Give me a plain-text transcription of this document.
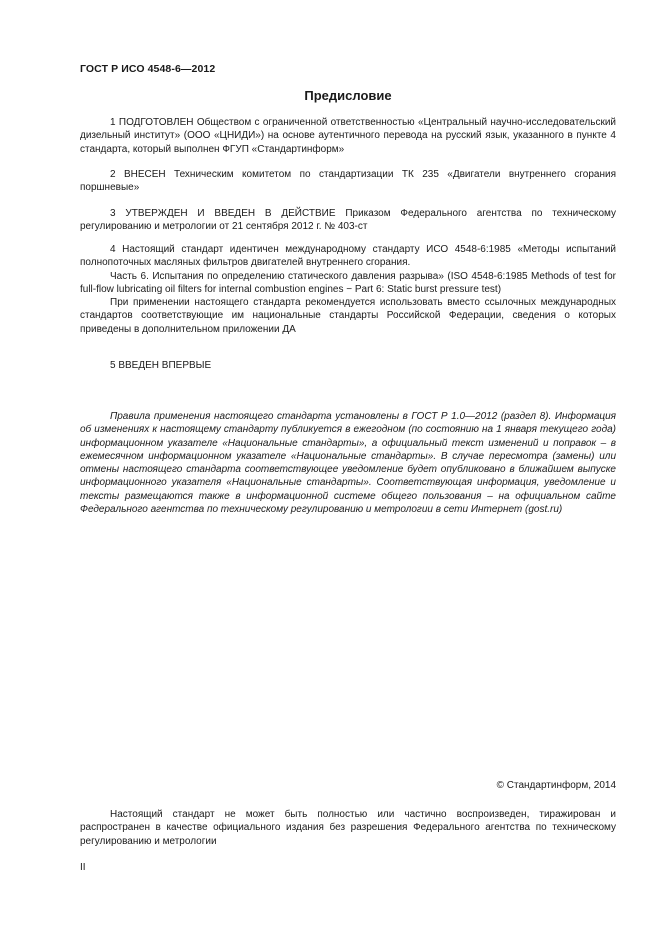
ГОСТ Р ИСО 4548-6—2012
Предисловие

1 ПОДГОТОВЛЕН Обществом с ограниченной ответственностью «Центральный научно-исследовательский дизельный институт» (ООО «ЦНИДИ») на основе аутентичного перевода на русский язык, указанного в пункте 4 стандарта, который выполнен ФГУП «Стандартинформ»

2 ВНЕСЕН Техническим комитетом по стандартизации ТК 235 «Двигатели внутреннего сгорания поршневые»

3 УТВЕРЖДЕН И ВВЕДЕН В ДЕЙСТВИЕ Приказом Федерального агентства по техническому регулированию и метрологии от 21 сентября 2012 г. № 403-ст

4 Настоящий стандарт идентичен международному стандарту ИСО 4548-6:1985 «Методы испытаний полнопоточных масляных фильтров двигателей внутреннего сгорания.

Часть 6. Испытания по определению статического давления разрыва» (ISO 4548-6:1985 Methods of test for full-flow lubricating oil filters for internal combustion engines − Part 6: Static burst pressure test)

При применении настоящего стандарта рекомендуется использовать вместо ссылочных международных стандартов соответствующие им национальные стандарты Российской Федерации, сведения о которых приведены в дополнительном приложении ДА

5 ВВЕДЕН ВПЕРВЫЕ

Правила применения настоящего стандарта установлены в ГОСТ Р 1.0—2012 (раздел 8). Информация об изменениях к настоящему стандарту публикуется в ежегодном (по состоянию на 1 января текущего года) информационном указателе «Национальные стандарты», а официальный текст изменений и поправок – в ежемесячном информационном указателе «Национальные стандарты». В случае пересмотра (замены) или отмены настоящего стандарта соответствующее уведомление будет опубликовано в ближайшем выпуске информационного указателя «Национальные стандарты». Соответствующая информация, уведомление и тексты размещаются также в информационной системе общего пользования – на официальном сайте Федерального агентства по техническому регулированию и метрологии в сети Интернет (gost.ru)

© Стандартинформ, 2014

Настоящий стандарт не может быть полностью или частично воспроизведен, тиражирован и распространен в качестве официального издания без разрешения Федерального агентства по техническому регулированию и метрологии

II
